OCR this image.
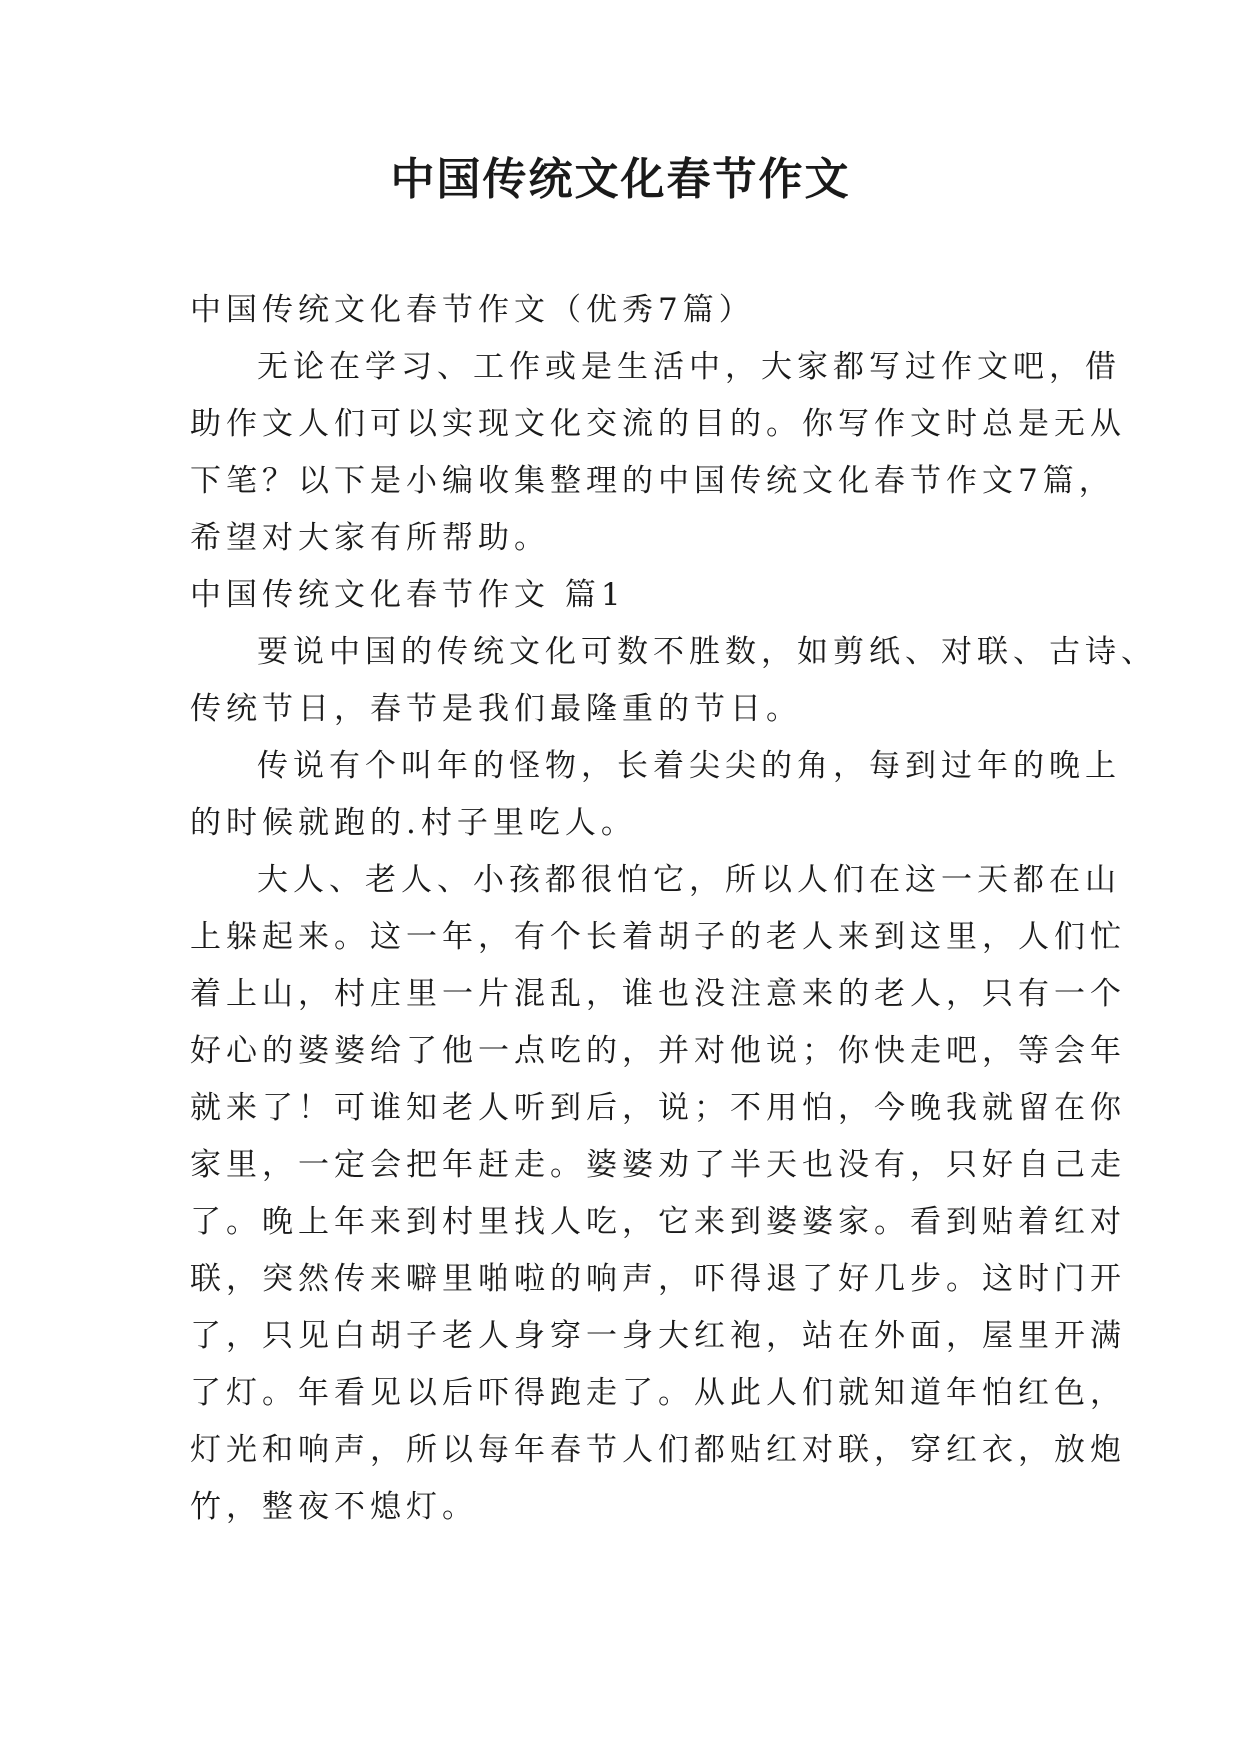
中国传统文化春节作文

中国传统文化春节作文（优秀7篇）

无论在学习、工作或是生活中，大家都写过作文吧，借

助作文人们可以实现文化交流的目的。你写作文时总是无从

下笔？以下是小编收集整理的中国传统文化春节作文7篇，

希望对大家有所帮助。

中国传统文化春节作文 篇1

要说中国的传统文化可数不胜数，如剪纸、对联、古诗、

传统节日，春节是我们最隆重的节日。

传说有个叫年的怪物，长着尖尖的角，每到过年的晚上

的时候就跑的.村子里吃人。

大人、老人、小孩都很怕它，所以人们在这一天都在山

上躲起来。这一年，有个长着胡子的老人来到这里，人们忙

着上山，村庄里一片混乱，谁也没注意来的老人，只有一个

好心的婆婆给了他一点吃的，并对他说；你快走吧，等会年

就来了！可谁知老人听到后，说；不用怕，今晚我就留在你

家里，一定会把年赶走。婆婆劝了半天也没有，只好自己走

了。晚上年来到村里找人吃，它来到婆婆家。看到贴着红对

联，突然传来噼里啪啦的响声，吓得退了好几步。这时门开

了，只见白胡子老人身穿一身大红袍，站在外面，屋里开满

了灯。年看见以后吓得跑走了。从此人们就知道年怕红色，

灯光和响声，所以每年春节人们都贴红对联，穿红衣，放炮

竹，整夜不熄灯。
